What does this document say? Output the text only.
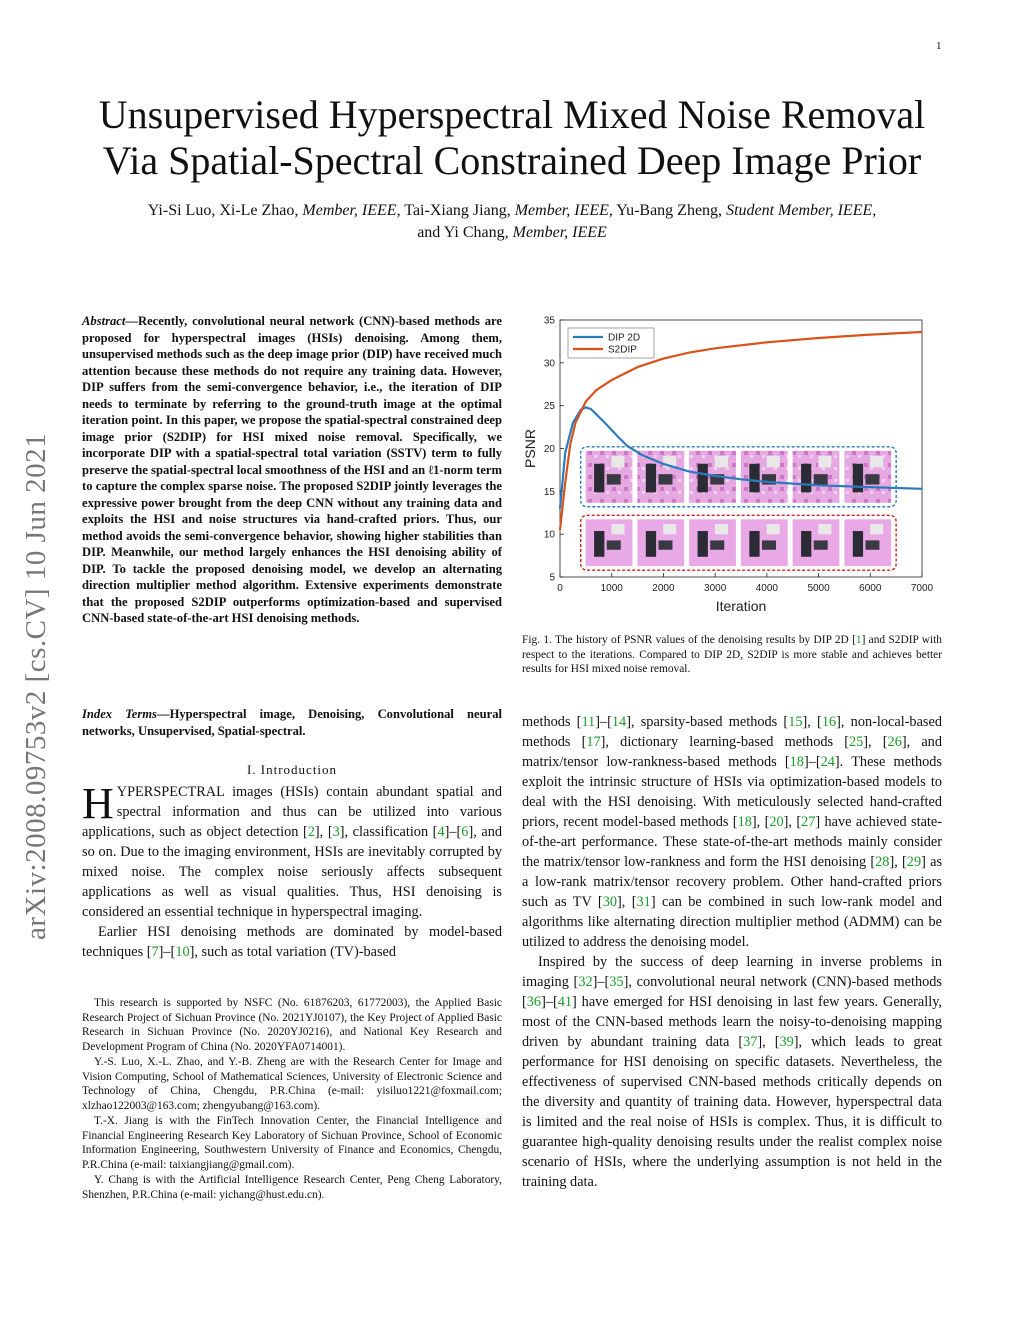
1
Unsupervised Hyperspectral Mixed Noise Removal
Via Spatial-Spectral Constrained Deep Image Prior
Yi-Si Luo, Xi-Le Zhao, Member, IEEE, Tai-Xiang Jiang, Member, IEEE, Yu-Bang Zheng, Student Member, IEEE,
and Yi Chang, Member, IEEE
arXiv:2008.09753v2 [cs.CV] 10 Jun 2021

Abstract—Recently, convolutional neural network (CNN)-based methods are proposed for hyperspectral images (HSIs) denoising. Among them, unsupervised methods such as the deep image prior (DIP) have received much attention because these methods do not require any training data. However, DIP suffers from the semi-convergence behavior, i.e., the iteration of DIP needs to terminate by referring to the ground-truth image at the optimal iteration point. In this paper, we propose the spatial-spectral constrained deep image prior (S2DIP) for HSI mixed noise removal. Specifically, we incorporate DIP with a spatial-spectral total variation (SSTV) term to fully preserve the spatial-spectral local smoothness of the HSI and an ℓ1-norm term to capture the complex sparse noise. The proposed S2DIP jointly leverages the expressive power brought from the deep CNN without any training data and exploits the HSI and noise structures via hand-crafted priors. Thus, our method avoids the semi-convergence behavior, showing higher stabilities than DIP. Meanwhile, our method largely enhances the HSI denoising ability of DIP. To tackle the proposed denoising model, we develop an alternating direction multiplier method algorithm. Extensive experiments demonstrate that the proposed S2DIP outperforms optimization-based and supervised CNN-based state-of-the-art HSI denoising methods.

Index Terms—Hyperspectral image, Denoising, Convolutional neural networks, Unsupervised, Spatial-spectral.

I. Introduction

HYPERSPECTRAL images (HSIs) contain abundant spatial and spectral information and thus can be utilized into various applications, such as object detection [2], [3], classification [4]–[6], and so on. Due to the imaging environment, HSIs are inevitably corrupted by mixed noise. The complex noise seriously affects subsequent applications as well as visual qualities. Thus, HSI denoising is considered an essential technique in hyperspectral imaging.

Earlier HSI denoising methods are dominated by model-based techniques [7]–[10], such as total variation (TV)-based

This research is supported by NSFC (No. 61876203, 61772003), the Applied Basic Research Project of Sichuan Province (No. 2021YJ0107), the Key Project of Applied Basic Research in Sichuan Province (No. 2020YJ0216), and National Key Research and Development Program of China (No. 2020YFA0714001).

Y.-S. Luo, X.-L. Zhao, and Y.-B. Zheng are with the Research Center for Image and Vision Computing, School of Mathematical Sciences, University of Electronic Science and Technology of China, Chengdu, P.R.China (e-mail: yisiluo1221@foxmail.com; xlzhao122003@163.com; zhengyubang@163.com).

T.-X. Jiang is with the FinTech Innovation Center, the Financial Intelligence and Financial Engineering Research Key Laboratory of Sichuan Province, School of Economic Information Engineering, Southwestern University of Finance and Economics, Chengdu, P.R.China (e-mail: taixiangjiang@gmail.com).

Y. Chang is with the Artificial Intelligence Research Center, Peng Cheng Laboratory, Shenzhen, P.R.China (e-mail: yichang@hust.edu.cn).

0	1000	2000	3000	4000	5000	6000	7000
5
10
15
20
25
30
35
Iteration
PSNR
DIP 2D
S2DIP
Fig. 1. The history of PSNR values of the denoising results by DIP 2D [1] and S2DIP with respect to the iterations. Compared to DIP 2D, S2DIP is more stable and achieves better results for HSI mixed noise removal.

methods [11]–[14], sparsity-based methods [15], [16], non-local-based methods [17], dictionary learning-based methods [25], [26], and matrix/tensor low-rankness-based methods [18]–[24]. These methods exploit the intrinsic structure of HSIs via optimization-based models to deal with the HSI denoising. With meticulously selected hand-crafted priors, recent model-based methods [18], [20], [27] have achieved state-of-the-art performance. These state-of-the-art methods mainly consider the matrix/tensor low-rankness and form the HSI denoising [28], [29] as a low-rank matrix/tensor recovery problem. Other hand-crafted priors such as TV [30], [31] can be combined in such low-rank model and algorithms like alternating direction multiplier method (ADMM) can be utilized to address the denoising model.

Inspired by the success of deep learning in inverse problems in imaging [32]–[35], convolutional neural network (CNN)-based methods [36]–[41] have emerged for HSI denoising in last few years. Generally, most of the CNN-based methods learn the noisy-to-denoising mapping driven by abundant training data [37], [39], which leads to great performance for HSI denoising on specific datasets. Nevertheless, the effectiveness of supervised CNN-based methods critically depends on the diversity and quantity of training data. However, hyperspectral data is limited and the real noise of HSIs is complex. Thus, it is difficult to guarantee high-quality denoising results under the realist complex noise scenario of HSIs, where the underlying assumption is not held in the training data.
